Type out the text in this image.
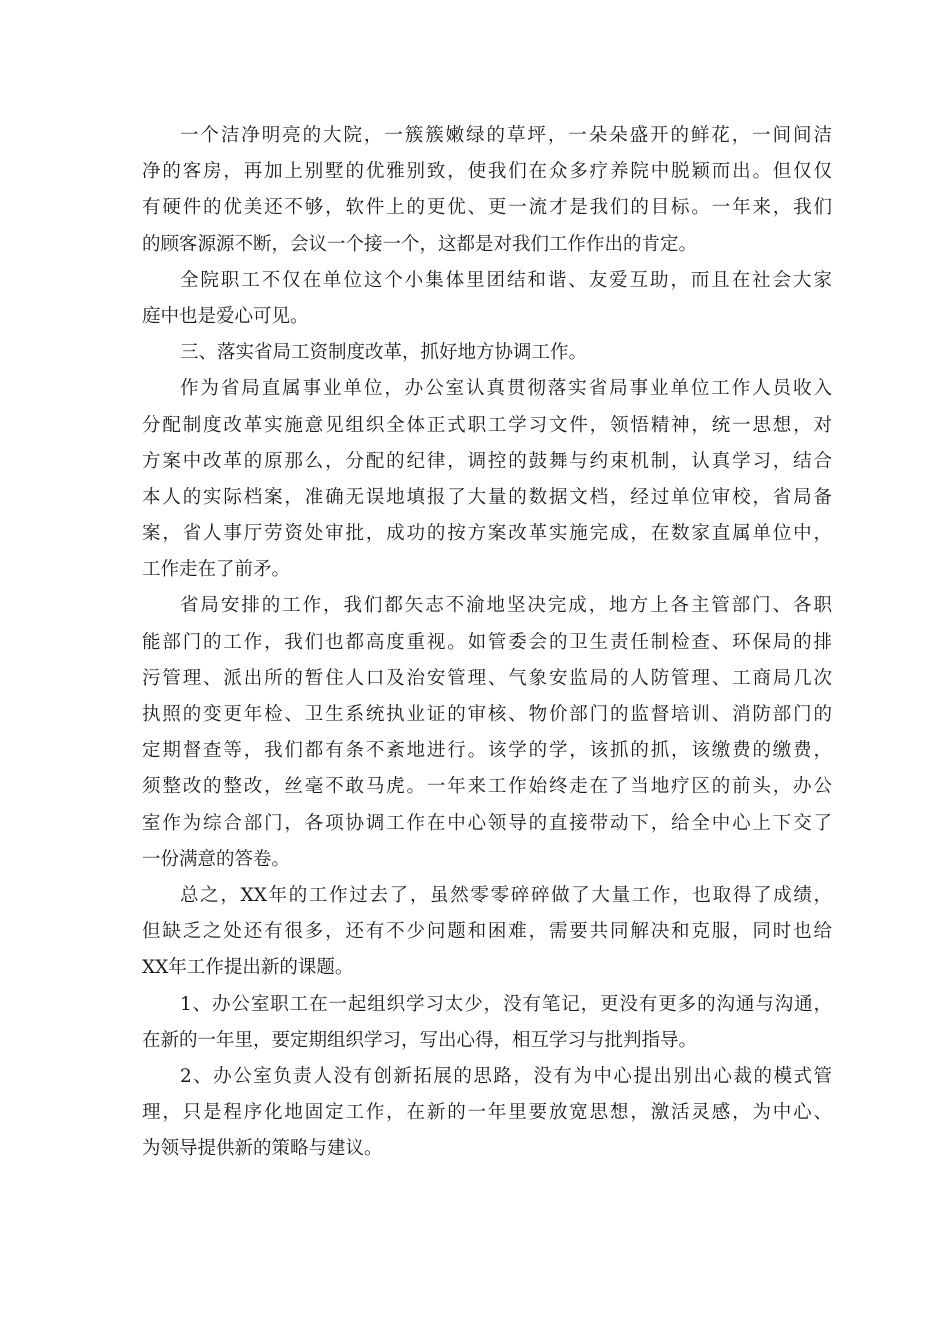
一个洁净明亮的大院，一簇簇嫩绿的草坪，一朵朵盛开的鲜花，一间间洁
净的客房，再加上别墅的优雅别致，使我们在众多疗养院中脱颖而出。但仅仅
有硬件的优美还不够，软件上的更优、更一流才是我们的目标。一年来，我们
的顾客源源不断，会议一个接一个，这都是对我们工作作出的肯定。
全院职工不仅在单位这个小集体里团结和谐、友爱互助，而且在社会大家
庭中也是爱心可见。
三、落实省局工资制度改革，抓好地方协调工作。
作为省局直属事业单位，办公室认真贯彻落实省局事业单位工作人员收入
分配制度改革实施意见组织全体正式职工学习文件，领悟精神，统一思想，对
方案中改革的原那么，分配的纪律，调控的鼓舞与约束机制，认真学习，结合
本人的实际档案，准确无误地填报了大量的数据文档，经过单位审校，省局备
案，省人事厅劳资处审批，成功的按方案改革实施完成，在数家直属单位中，
工作走在了前矛。
省局安排的工作，我们都矢志不渝地坚决完成，地方上各主管部门、各职
能部门的工作，我们也都高度重视。如管委会的卫生责任制检查、环保局的排
污管理、派出所的暂住人口及治安管理、气象安监局的人防管理、工商局几次
执照的变更年检、卫生系统执业证的审核、物价部门的监督培训、消防部门的
定期督查等，我们都有条不紊地进行。该学的学，该抓的抓，该缴费的缴费，
须整改的整改，丝毫不敢马虎。一年来工作始终走在了当地疗区的前头，办公
室作为综合部门，各项协调工作在中心领导的直接带动下，给全中心上下交了
一份满意的答卷。
总之，XX年的工作过去了，虽然零零碎碎做了大量工作，也取得了成绩，
但缺乏之处还有很多，还有不少问题和困难，需要共同解决和克服，同时也给
XX年工作提出新的课题。
1、办公室职工在一起组织学习太少，没有笔记，更没有更多的沟通与沟通，
在新的一年里，要定期组织学习，写出心得，相互学习与批判指导。
2、办公室负责人没有创新拓展的思路，没有为中心提出别出心裁的模式管
理，只是程序化地固定工作，在新的一年里要放宽思想，激活灵感，为中心、
为领导提供新的策略与建议。
